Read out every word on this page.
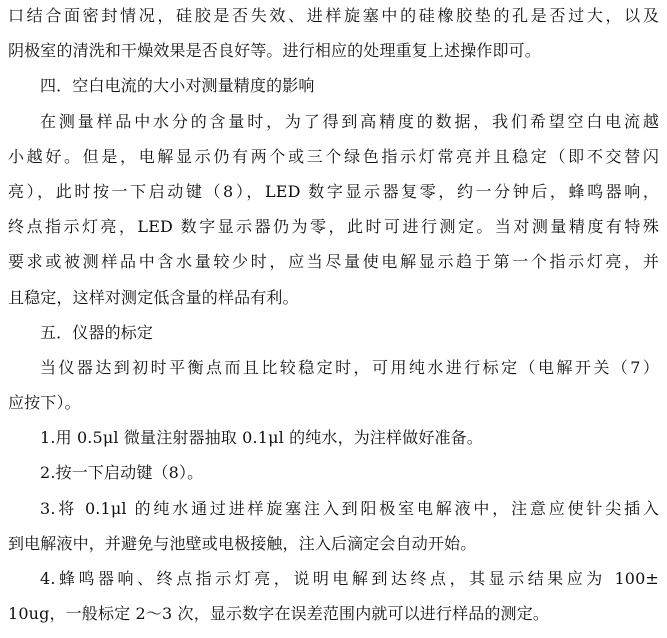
口结合面密封情况，硅胶是否失效、进样旋塞中的硅橡胶垫的孔是否过大，以及
阴极室的清洗和干燥效果是否良好等。进行相应的处理重复上述操作即可。
四．空白电流的大小对测量精度的影响
在测量样品中水分的含量时，为了得到高精度的数据，我们希望空白电流越
小越好。但是，电解显示仍有两个或三个绿色指示灯常亮并且稳定（即不交替闪
亮），此时按一下启动键（8），LED 数字显示器复零，约一分钟后，蜂鸣器响，
终点指示灯亮，LED 数字显示器仍为零，此时可进行测定。当对测量精度有特殊
要求或被测样品中含水量较少时，应当尽量使电解显示趋于第一个指示灯亮，并
且稳定，这样对测定低含量的样品有利。
五．仪器的标定
当仪器达到初时平衡点而且比较稳定时，可用纯水进行标定（电解开关（7）
应按下）。
1.用 0.5μl 微量注射器抽取 0.1μl 的纯水，为注样做好准备。
2.按一下启动键（8）。
3.将 0.1μl 的纯水通过进样旋塞注入到阳极室电解液中，注意应使针尖插入
到电解液中，并避免与池壁或电极接触，注入后滴定会自动开始。
4.蜂鸣器响、终点指示灯亮，说明电解到达终点，其显示结果应为 100±
10ug，一般标定 2～3 次，显示数字在误差范围内就可以进行样品的测定。
